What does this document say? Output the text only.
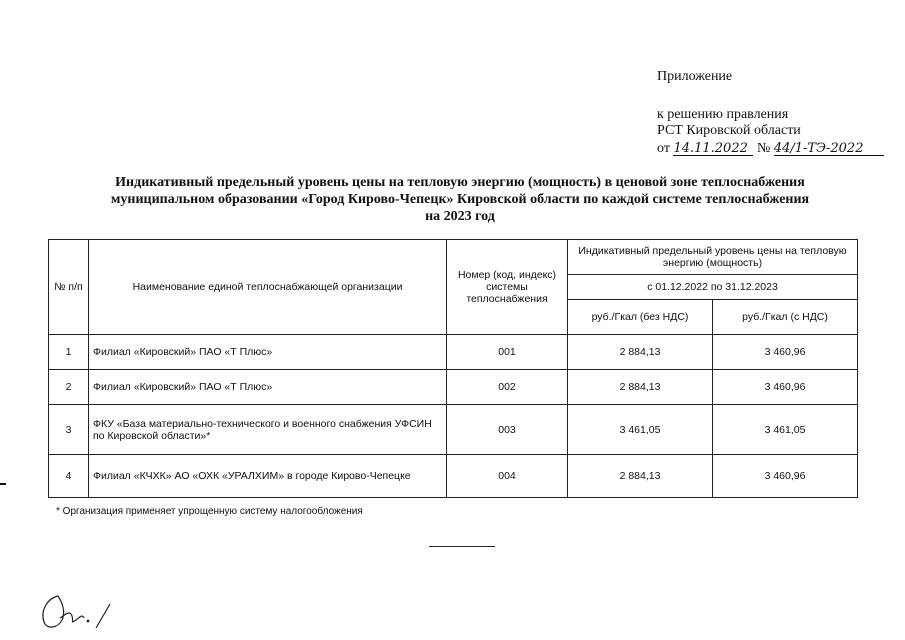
Приложение
к решению правления
РСТ Кировской области
от 14.11.2022 № 44/1-ТЭ-2022
Индикативный предельный уровень цены на тепловую энергию (мощность) в ценовой зоне теплоснабжения
муниципальном образовании «Город Кирово-Чепецк» Кировской области по каждой системе теплоснабжения
на 2023 год
№ п/п	Наименование единой теплоснабжающей организации	Номер (код, индекс) системы теплоснабжения	Индикативный предельный уровень цены на тепловую энергию (мощность)	
			с 01.12.2022 по 31.12.2023	
			руб./Гкал (без НДС)	руб./Гкал (с НДС)
1	Филиал «Кировский» ПАО «Т Плюс»	001	2 884,13	3 460,96
2	Филиал «Кировский» ПАО «Т Плюс»	002	2 884,13	3 460,96
3	ФКУ «База материально-технического и военного снабжения УФСИН по Кировской области»*	003	3 461,05	3 461,05
4	Филиал «КЧХК» АО «ОХК «УРАЛХИМ» в городе Кирово-Чепецке	004	2 884,13	3 460,96
* Организация применяет упрощенную систему налогообложения
